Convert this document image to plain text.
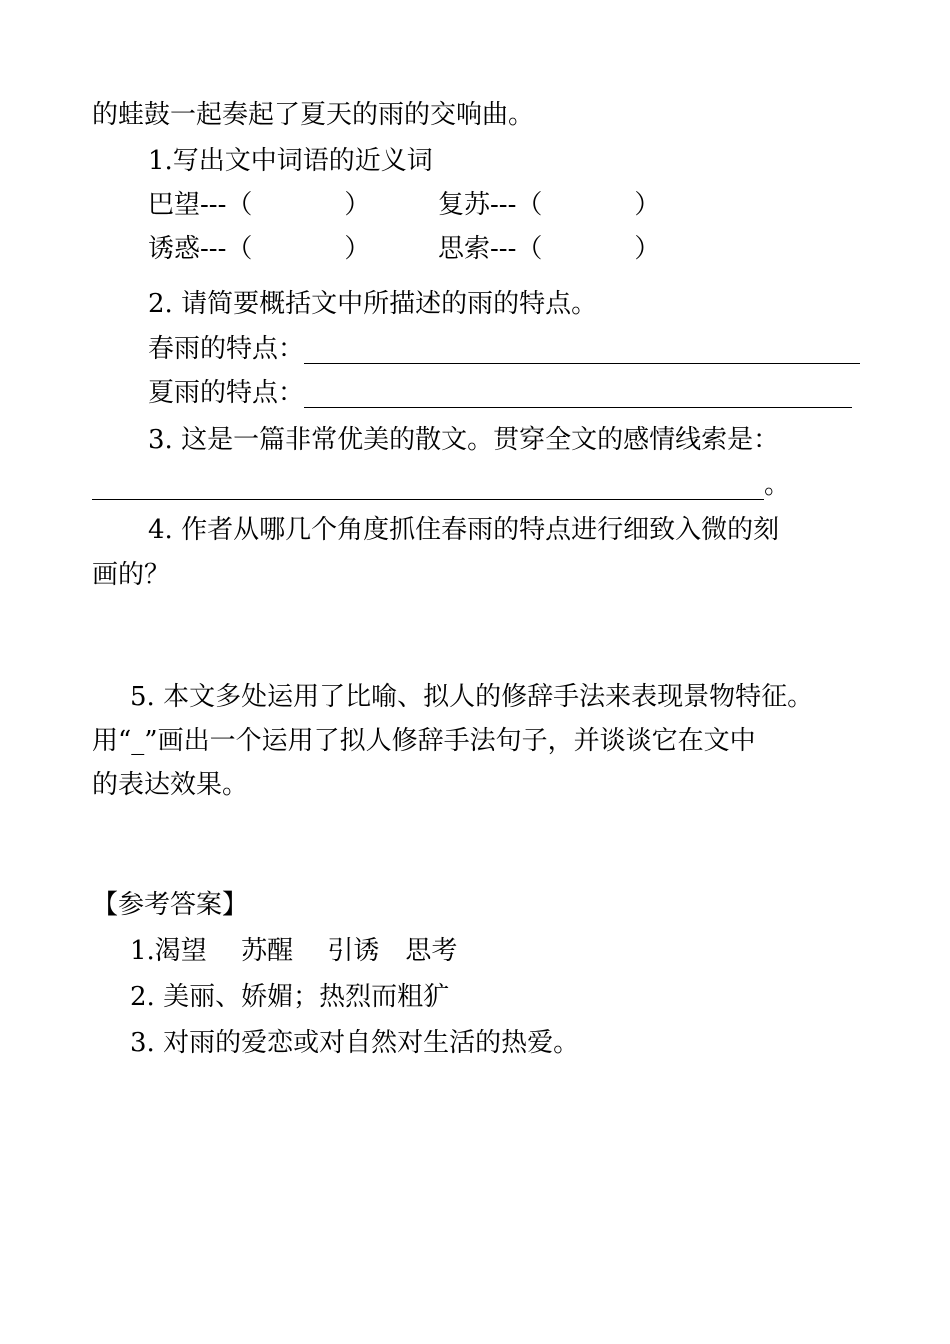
的蛙鼓一起奏起了夏天的雨的交响曲。
1.写出文中词语的近义词
巴望---（	）	复苏---（	）
诱惑---（	）	思索---（	）
2. 请简要概括文中所描述的雨的特点。
春雨的特点：
夏雨的特点：
3. 这是一篇非常优美的散文。贯穿全文的感情线索是：
。
4. 作者从哪几个角度抓住春雨的特点进行细致入微的刻
画的？
5. 本文多处运用了比喻、拟人的修辞手法来表现景物特征。
用“_”画出一个运用了拟人修辞手法句子，并谈谈它在文中
的表达效果。
【参考答案】
1.渴望　 苏醒　 引诱　思考
2. 美丽、娇媚；热烈而粗犷
3. 对雨的爱恋或对自然对生活的热爱。
